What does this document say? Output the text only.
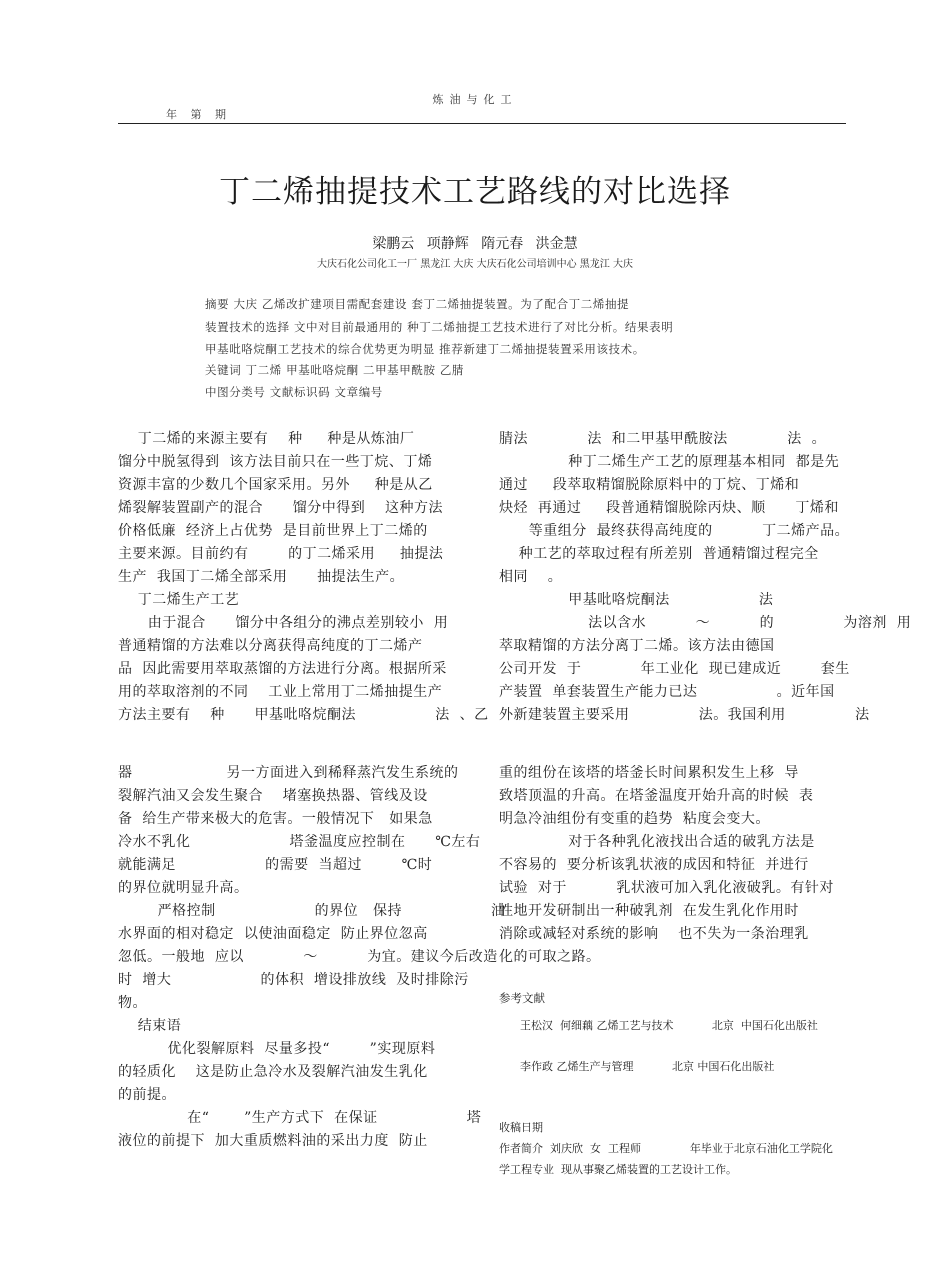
炼油与化工
年 第 期
丁二烯抽提技术工艺路线的对比选择
梁鹏云 项静辉 隋元春 洪金慧
大庆石化公司化工一厂 黑龙江 大庆 大庆石化公司培训中心 黑龙江 大庆
摘要 大庆 乙烯改扩建项目需配套建设 套丁二烯抽提装置。为了配合丁二烯抽提
装置技术的选择 文中对目前最通用的 种丁二烯抽提工艺技术进行了对比分析。结果表明
甲基吡咯烷酮工艺技术的综合优势更为明显 推荐新建丁二烯抽提装置采用该技术。
关键词 丁二烯 甲基吡咯烷酮 二甲基甲酰胺 乙腈
中图分类号 文献标识码 文章编号
丁二烯的来源主要有    种     种是从炼油厂
馏分中脱氢得到  该方法目前只在一些丁烷、丁烯
资源丰富的少数几个国家采用。另外     种是从乙
烯裂解装置副产的混合      馏分中得到    这种方法
价格低廉  经济上占优势  是目前世界上丁二烯的
主要来源。目前约有        的丁二烯采用     抽提法
生产  我国丁二烯全部采用      抽提法生产。
丁二烯生产工艺
由于混合      馏分中各组分的沸点差别较小  用
普通精馏的方法难以分离获得高纯度的丁二烯产
品  因此需要用萃取蒸馏的方法进行分离。根据所采
用的萃取溶剂的不同    工业上常用丁二烯抽提生产
方法主要有    种      甲基吡咯烷酮法                法  、乙
腈法            法  和二甲基甲酰胺法            法  。
种丁二烯生产工艺的原理基本相同  都是先
通过     段萃取精馏脱除原料中的丁烷、丁烯和
炔烃  再通过     段普通精馏脱除丙炔、顺      丁烯和
等重组分  最终获得高纯度的          丁二烯产品。
种工艺的萃取过程有所差别  普通精馏过程完全
相同    。
甲基吡咯烷酮法                  法
法以含水          ～          的              为溶剂  用
萃取精馏的方法分离丁二烯。该方法由德国
公司开发  于            年工业化  现已建成近        套生
产装置  单套装置生产能力已达                。近年国
外新建装置主要采用              法。我国利用              法
器                   另一方面进入到稀释蒸汽发生系统的
裂解汽油又会发生聚合    堵塞换热器、管线及设
备  给生产带来极大的危害。一般情况下   如果急
冷水不乳化                    塔釜温度应控制在      ℃左右
就能满足                  的需要  当超过        ℃时
的界位就明显升高。
严格控制                    的界位   保持                  油
水界面的相对稳定  以使油面稳定  防止界位忽高
忽低。一般地  应以            ～          为宜。建议今后改造
时  增大                  的体积  增设排放线  及时排除污
物。
结束语
优化裂解原料  尽量多投“        ”实现原料
的轻质化    这是防止急冷水及裂解汽油发生乳化
的前提。
在“       ”生产方式下  在保证                  塔
液位的前提下  加大重质燃料油的采出力度  防止
重的组份在该塔的塔釜长时间累积发生上移  导
致塔顶温的升高。在塔釜温度开始升高的时候  表
明急冷油组份有变重的趋势  粘度会变大。
对于各种乳化液找出合适的破乳方法是
不容易的  要分析该乳状液的成因和特征  并进行
试验  对于          乳状液可加入乳化液破乳。有针对
性地开发研制出一种破乳剂  在发生乳化作用时
消除或减轻对系统的影响    也不失为一条治理乳
化的可取之路。
参考文献
王松汉  何细藕 乙烯工艺与技术           北京  中国石化出版社
李作政 乙烯生产与管理           北京 中国石化出版社
收稿日期
作者简介  刘庆欣  女  工程师              年毕业于北京石油化工学院化
学工程专业  现从事聚乙烯装置的工艺设计工作。
